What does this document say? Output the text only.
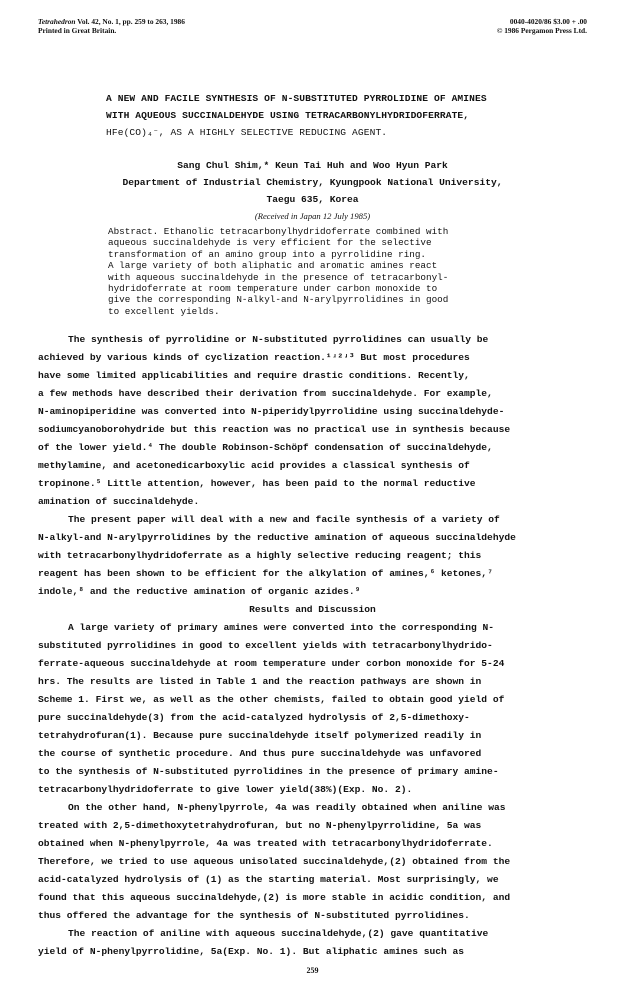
Tetrahedron Vol. 42, No. 1, pp. 259 to 263, 1986
Printed in Great Britain.
0040-4020/86 $3.00 + .00
© 1986 Pergamon Press Ltd.
A NEW AND FACILE SYNTHESIS OF N-SUBSTITUTED PYRROLIDINE OF AMINES
WITH AQUEOUS SUCCINALDEHYDE USING TETRACARBONYLHYDRIDOFERRATE,
HFe(CO)₄⁻, AS A HIGHLY SELECTIVE REDUCING AGENT.
Sang Chul Shim,* Keun Tai Huh and Woo Hyun Park
Department of Industrial Chemistry, Kyungpook National University,
Taegu 635, Korea
(Received in Japan 12 July 1985)
Abstract. Ethanolic tetracarbonylhydridoferrate combined with
aqueous succinaldehyde is very efficient for the selective
transformation of an amino group into a pyrrolidine ring.
A large variety of both aliphatic and aromatic amines react
with aqueous succinaldehyde in the presence of tetracarbonyl-
hydridoferrate at room temperature under carbon monoxide to
give the corresponding N-alkyl-and N-arylpyrrolidines in good
to excellent yields.
The synthesis of pyrrolidine or N-substituted pyrrolidines can usually be
achieved by various kinds of cyclization reaction.¹ʴ²ʴ³ But most procedures
have some limited applicabilities and require drastic conditions. Recently,
a few methods have described their derivation from succinaldehyde. For example,
N-aminopiperidine was converted into N-piperidylpyrrolidine using succinaldehyde-
sodiumcyanoborohydride but this reaction was no practical use in synthesis because
of the lower yield.⁴ The double Robinson-Schöpf condensation of succinaldehyde,
methylamine, and acetonedicarboxylic acid provides a classical synthesis of
tropinone.⁵ Little attention, however, has been paid to the normal reductive
amination of succinaldehyde.
The present paper will deal with a new and facile synthesis of a variety of
N-alkyl-and N-arylpyrrolidines by the reductive amination of aqueous succinaldehyde
with tetracarbonylhydridoferrate as a highly selective reducing reagent; this
reagent has been shown to be efficient for the alkylation of amines,⁶ ketones,⁷
indole,⁸ and the reductive amination of organic azides.⁹
Results and Discussion
A large variety of primary amines were converted into the corresponding N-
substituted pyrrolidines in good to excellent yields with tetracarbonylhydrido-
ferrate-aqueous succinaldehyde at room temperature under corbon monoxide for 5-24
hrs. The results are listed in Table 1 and the reaction pathways are shown in
Scheme 1. First we, as well as the other chemists, failed to obtain good yield of
pure succinaldehyde(3) from the acid-catalyzed hydrolysis of 2,5-dimethoxy-
tetrahydrofuran(1). Because pure succinaldehyde itself polymerized readily in
the course of synthetic procedure. And thus pure succinaldehyde was unfavored
to the synthesis of N-substituted pyrrolidines in the presence of primary amine-
tetracarbonylhydridoferrate to give lower yield(38%)(Exp. No. 2).
On the other hand, N-phenylpyrrole, 4a was readily obtained when aniline was
treated with 2,5-dimethoxytetrahydrofuran, but no N-phenylpyrrolidine, 5a was
obtained when N-phenylpyrrole, 4a was treated with tetracarbonylhydridoferrate.
Therefore, we tried to use aqueous unisolated succinaldehyde,(2) obtained from the
acid-catalyzed hydrolysis of (1) as the starting material. Most surprisingly, we
found that this aqueous succinaldehyde,(2) is more stable in acidic condition, and
thus offered the advantage for the synthesis of N-substituted pyrrolidines.
The reaction of aniline with aqueous succinaldehyde,(2) gave quantitative
yield of N-phenylpyrrolidine, 5a(Exp. No. 1). But aliphatic amines such as
259
